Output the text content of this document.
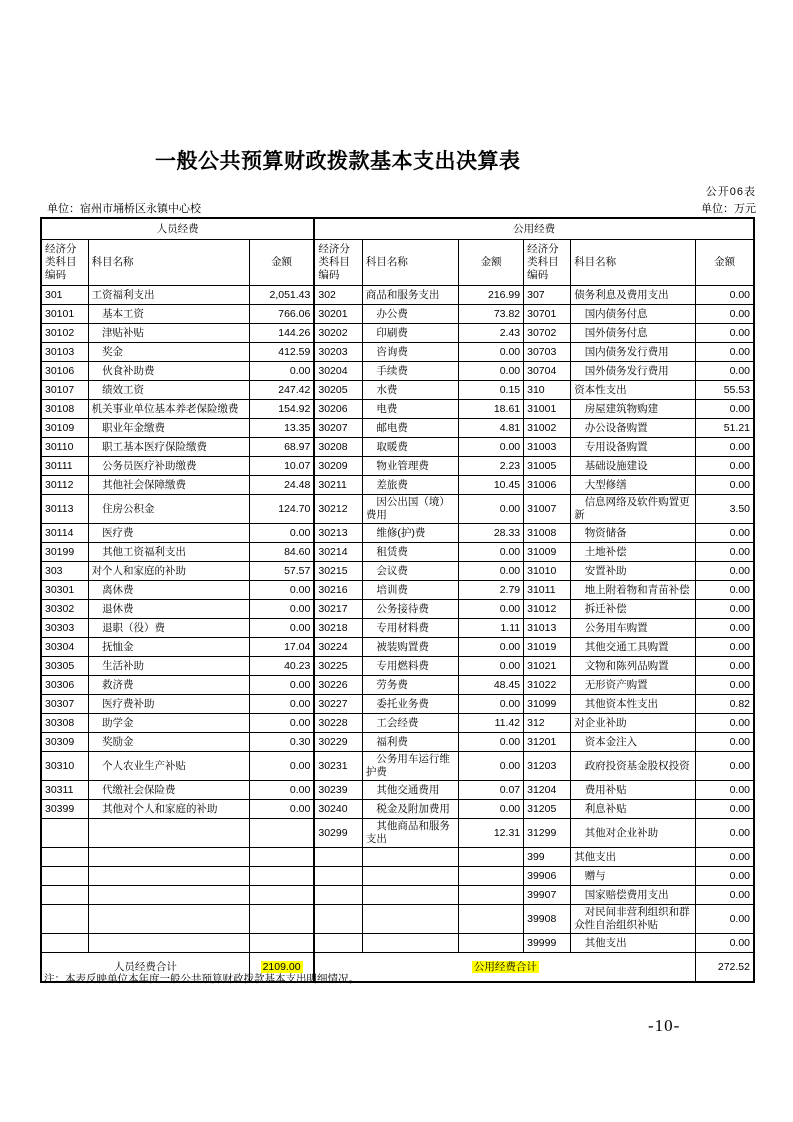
一般公共预算财政拨款基本支出决算表
公开06表
单位：宿州市埇桥区永镇中心校	单位：万元
人员经费			公用经费					
经济分类科目编码	科目名称	金额	经济分类科目编码	科目名称	金额	经济分类科目编码	科目名称	金额
301	工资福利支出	2,051.43	302	商品和服务支出	216.99	307	债务利息及费用支出	0.00
30101	基本工资	766.06	30201	办公费	73.82	30701	国内债务付息	0.00
30102	津贴补贴	144.26	30202	印刷费	2.43	30702	国外债务付息	0.00
30103	奖金	412.59	30203	咨询费	0.00	30703	国内债务发行费用	0.00
30106	伙食补助费	0.00	30204	手续费	0.00	30704	国外债务发行费用	0.00
30107	绩效工资	247.42	30205	水费	0.15	310	资本性支出	55.53
30108	机关事业单位基本养老保险缴费	154.92	30206	电费	18.61	31001	房屋建筑物购建	0.00
30109	职业年金缴费	13.35	30207	邮电费	4.81	31002	办公设备购置	51.21
30110	职工基本医疗保险缴费	68.97	30208	取暖费	0.00	31003	专用设备购置	0.00
30111	公务员医疗补助缴费	10.07	30209	物业管理费	2.23	31005	基础设施建设	0.00
30112	其他社会保障缴费	24.48	30211	差旅费	10.45	31006	大型修缮	0.00
30113	住房公积金	124.70	30212	因公出国（境）费用	0.00	31007	信息网络及软件购置更新	3.50
30114	医疗费	0.00	30213	维修(护)费	28.33	31008	物资储备	0.00
30199	其他工资福利支出	84.60	30214	租赁费	0.00	31009	土地补偿	0.00
303	对个人和家庭的补助	57.57	30215	会议费	0.00	31010	安置补助	0.00
30301	离休费	0.00	30216	培训费	2.79	31011	地上附着物和青苗补偿	0.00
30302	退休费	0.00	30217	公务接待费	0.00	31012	拆迁补偿	0.00
30303	退职（役）费	0.00	30218	专用材料费	1.11	31013	公务用车购置	0.00
30304	抚恤金	17.04	30224	被装购置费	0.00	31019	其他交通工具购置	0.00
30305	生活补助	40.23	30225	专用燃料费	0.00	31021	文物和陈列品购置	0.00
30306	救济费	0.00	30226	劳务费	48.45	31022	无形资产购置	0.00
30307	医疗费补助	0.00	30227	委托业务费	0.00	31099	其他资本性支出	0.82
30308	助学金	0.00	30228	工会经费	11.42	312	对企业补助	0.00
30309	奖励金	0.30	30229	福利费	0.00	31201	资本金注入	0.00
30310	个人农业生产补贴	0.00	30231	公务用车运行维护费	0.00	31203	政府投资基金股权投资	0.00
30311	代缴社会保险费	0.00	30239	其他交通费用	0.07	31204	费用补贴	0.00
30399	其他对个人和家庭的补助	0.00	30240	税金及附加费用	0.00	31205	利息补贴	0.00
			30299	其他商品和服务支出	12.31	31299	其他对企业补助	0.00
						399	其他支出	0.00
						39906	赠与	0.00
						39907	国家赔偿费用支出	0.00
						39908	对民间非营利组织和群众性自治组织补贴	0.00
						39999	其他支出	0.00
人员经费合计		2109.00	公用经费合计					272.52
注：本表反映单位本年度一般公共预算财政拨款基本支出明细情况。
-10-
